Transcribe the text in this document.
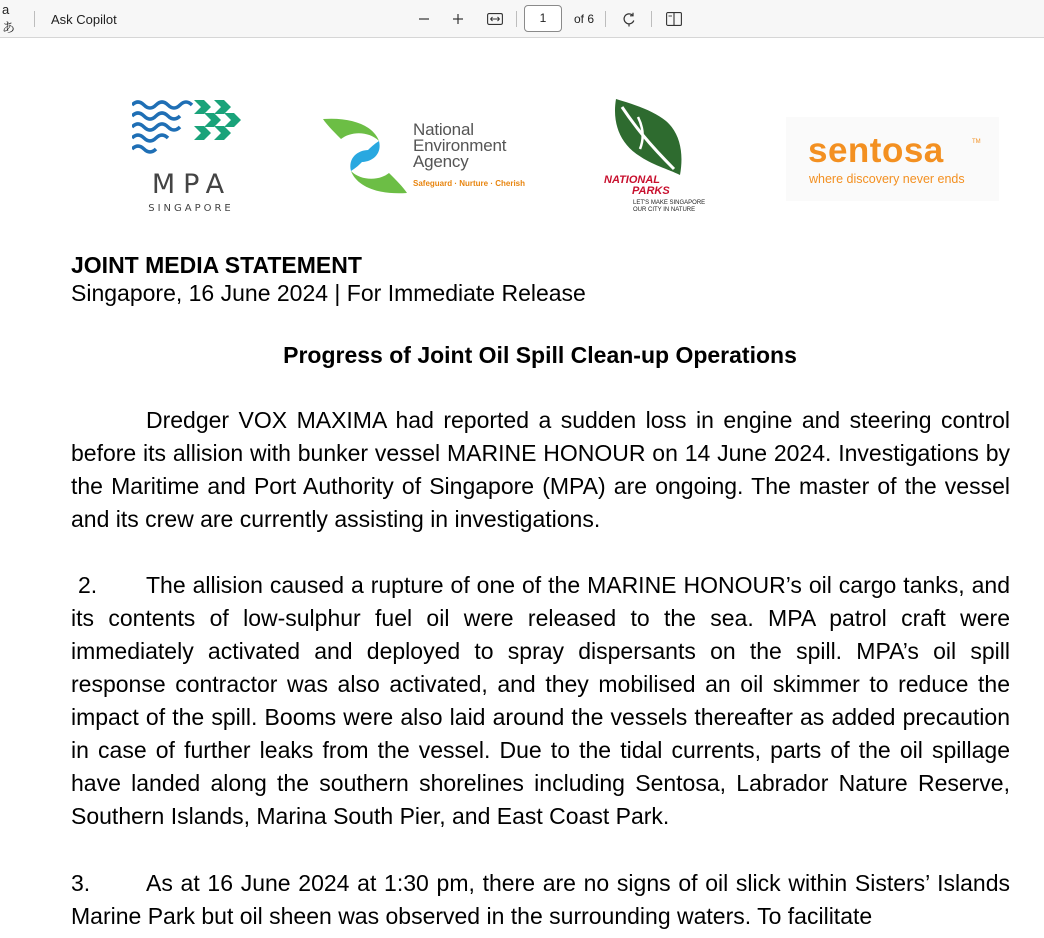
aあ
Ask Copilot	1	of 6
MPA
SINGAPORE
National
Environment
Agency
Safeguard · Nurture · Cherish	NATIONAL
PARKS
LET'S MAKE SINGAPORE
OUR CITY IN NATURE
sentosa	TM
where discovery never ends
JOINT MEDIA STATEMENT
Singapore, 16 June 2024 | For Immediate Release
Progress of Joint Oil Spill Clean-up Operations
Dredger VOX MAXIMA had reported a sudden loss in engine and steering control before its allision with bunker vessel MARINE HONOUR on 14 June 2024. Investigations by the Maritime and Port Authority of Singapore (MPA) are ongoing. The master of the vessel and its crew are currently assisting in investigations.
2. The allision caused a rupture of one of the MARINE HONOUR’s oil cargo tanks, and its contents of low-sulphur fuel oil were released to the sea. MPA patrol craft were immediately activated and deployed to spray dispersants on the spill. MPA’s oil spill response contractor was also activated, and they mobilised an oil skimmer to reduce the impact of the spill. Booms were also laid around the vessels thereafter as added precaution in case of further leaks from the vessel. Due to the tidal currents, parts of the oil spillage have landed along the southern shorelines including Sentosa, Labrador Nature Reserve, Southern Islands, Marina South Pier, and East Coast Park.
3. As at 16 June 2024 at 1:30 pm, there are no signs of oil slick within Sisters’ Islands Marine Park but oil sheen was observed in the surrounding waters. To facilitate
